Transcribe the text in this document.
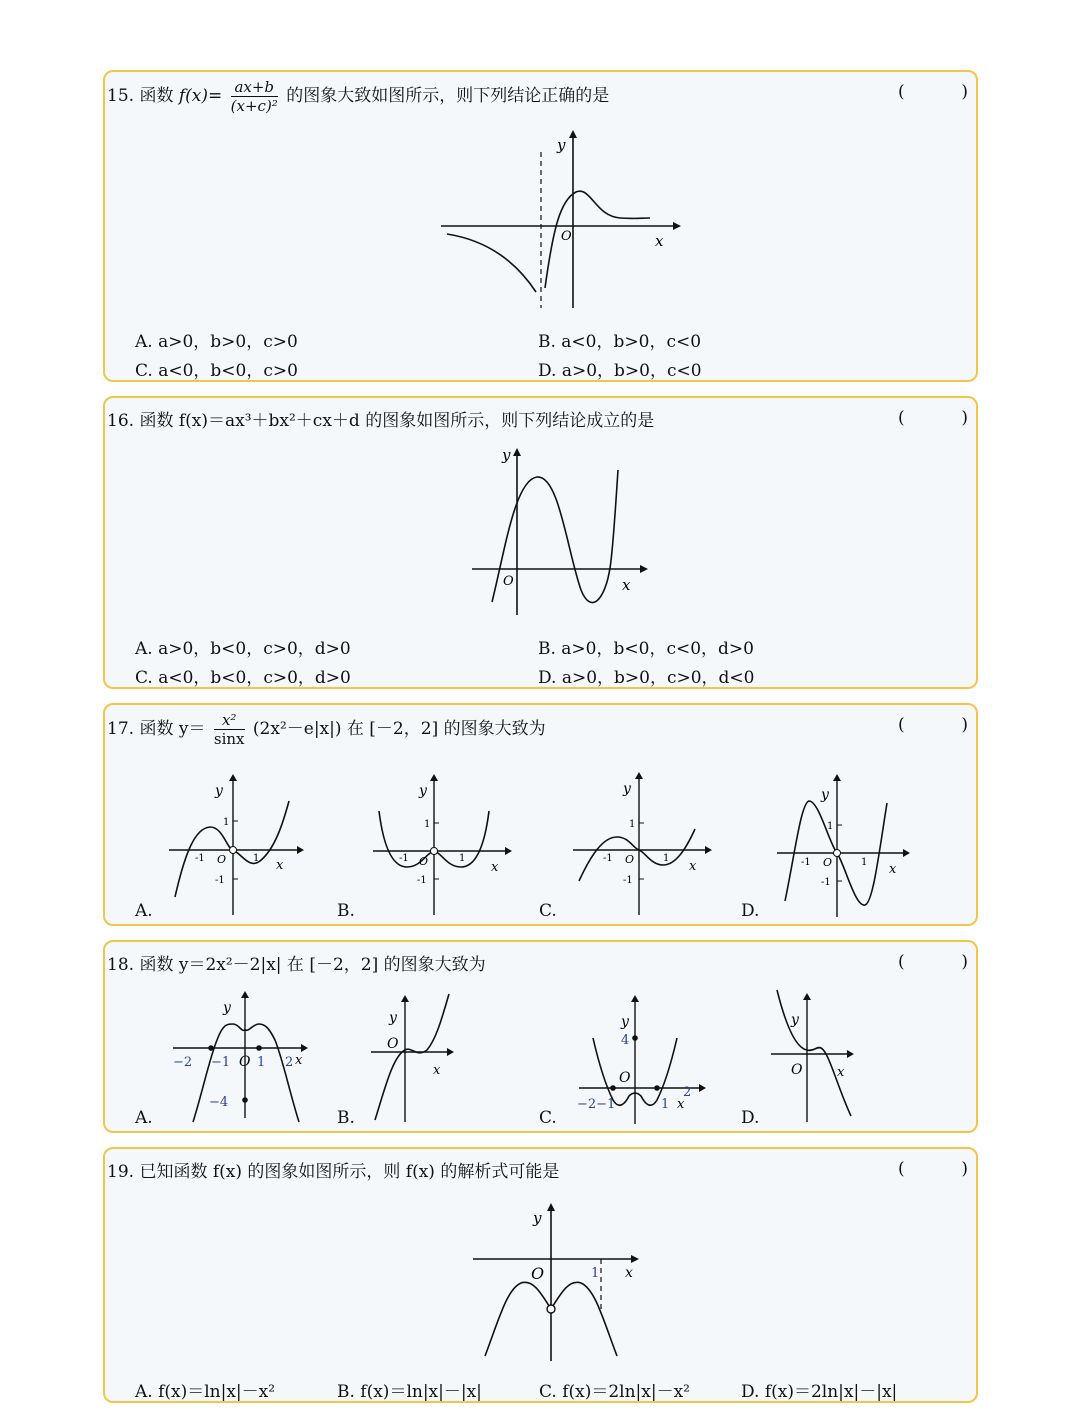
15. 函数 $f(x)= \frac{ax+b}{\text{(x+c)²}}$ 的图象大致如图所示，则下列结论正确的是	(	)
y
x
O
A. a>0，b>0，c>0	B. a<0，b>0，c<0
C. a<0，b<0，c>0	D. a>0，b>0，c<0
16. 函数 f(x)＝ax³＋bx²＋cx＋d 的图象如图所示，则下列结论成立的是	(	)
y
x
O
A. a>0，b<0，c>0，d>0	B. a>0，b<0，c<0，d>0
C. a<0，b<0，c>0，d>0	D. a>0，b>0，c>0，d<0
17. 函数 $y= \frac{\text{x²}}{\sin x} (2x^2-e|x|)$ 在 [－2，2] 的图象大致为	(	)
y
x
O
1
-1
-1	1
A.
y
x
O
1
-1
-1	1
B.
y
x
O
1
-1
-1	1
C.
y
x
O
1
-1
-1	1
D.
18. 函数 y＝2x²－2|x| 在 [－2，2] 的图象大致为	(	)
y
x
O
−2 −1 1 2
−4
A.
y
x
O
B.
y
4
O
x
−2−1	1
2
C.
y
O	x
D.
19. 已知函数 f(x) 的图象如图所示，则 f(x) 的解析式可能是	(	)
y
O	1 x
A. f(x)＝ln|x|－x²	B. f(x)＝ln|x|－|x|	C. f(x)＝2ln|x|－x²	D. f(x)＝2ln|x|－|x|
